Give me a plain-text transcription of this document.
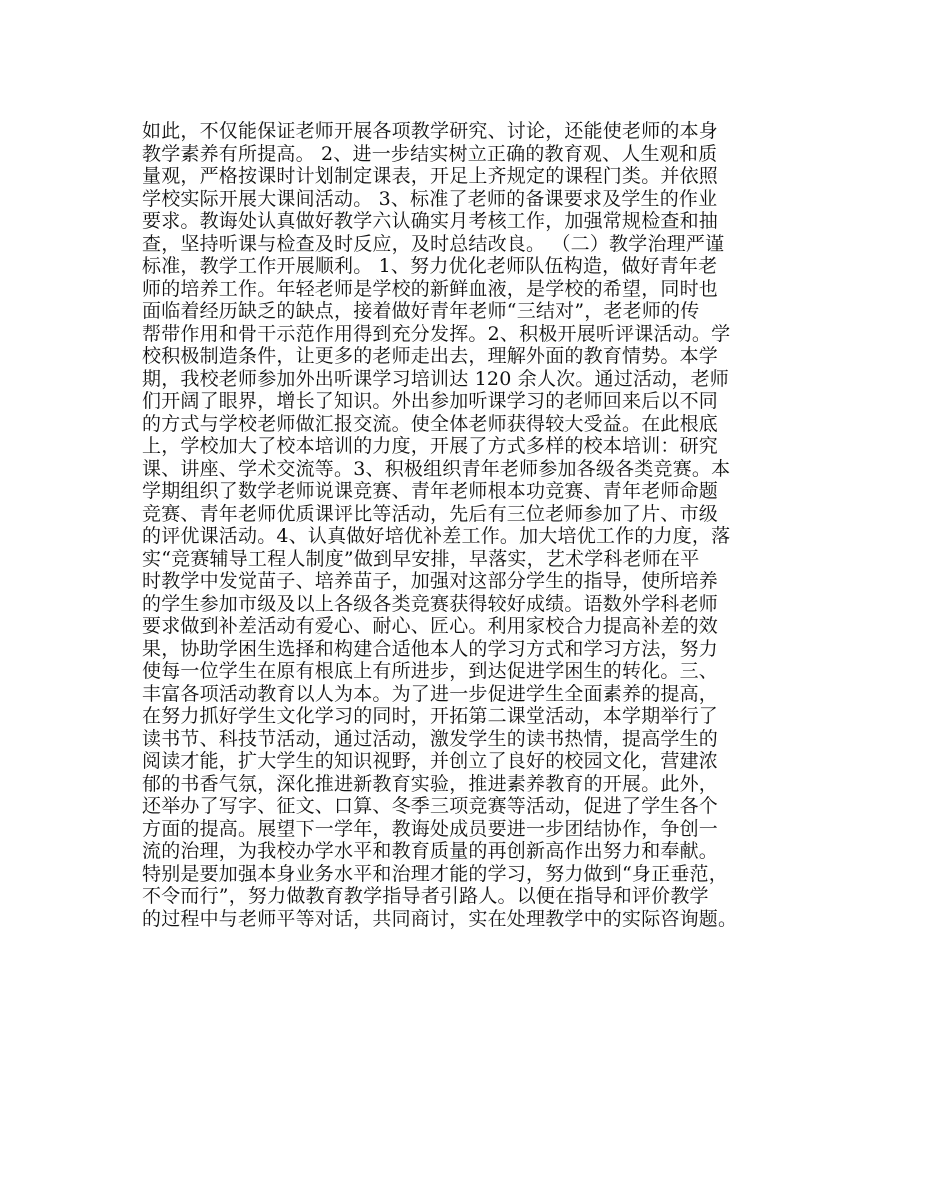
如此，不仅能保证老师开展各项教学研究、讨论，还能使老师的本身
教学素养有所提高。 2、进一步结实树立正确的教育观、人生观和质
量观，严格按课时计划制定课表，开足上齐规定的课程门类。并依照
学校实际开展大课间活动。 3、标准了老师的备课要求及学生的作业
要求。教诲处认真做好教学六认确实月考核工作，加强常规检查和抽
查，坚持听课与检查及时反应，及时总结改良。 （二）教学治理严谨
标准，教学工作开展顺利。 1、努力优化老师队伍构造，做好青年老
师的培养工作。年轻老师是学校的新鲜血液，是学校的希望，同时也
面临着经历缺乏的缺点，接着做好青年老师“三结对”，老老师的传
帮带作用和骨干示范作用得到充分发挥。2、积极开展听评课活动。学
校积极制造条件，让更多的老师走出去，理解外面的教育情势。本学
期，我校老师参加外出听课学习培训达 120 余人次。通过活动，老师
们开阔了眼界，增长了知识。外出参加听课学习的老师回来后以不同
的方式与学校老师做汇报交流。使全体老师获得较大受益。在此根底
上，学校加大了校本培训的力度，开展了方式多样的校本培训：研究
课、讲座、学术交流等。3、积极组织青年老师参加各级各类竞赛。本
学期组织了数学老师说课竞赛、青年老师根本功竞赛、青年老师命题
竞赛、青年老师优质课评比等活动，先后有三位老师参加了片、市级
的评优课活动。4、认真做好培优补差工作。加大培优工作的力度，落
实“竞赛辅导工程人制度”做到早安排，早落实，艺术学科老师在平
时教学中发觉苗子、培养苗子，加强对这部分学生的指导，使所培养
的学生参加市级及以上各级各类竞赛获得较好成绩。语数外学科老师
要求做到补差活动有爱心、耐心、匠心。利用家校合力提高补差的效
果，协助学困生选择和构建合适他本人的学习方式和学习方法，努力
使每一位学生在原有根底上有所进步，到达促进学困生的转化。三、
丰富各项活动教育以人为本。为了进一步促进学生全面素养的提高，
在努力抓好学生文化学习的同时，开拓第二课堂活动，本学期举行了
读书节、科技节活动，通过活动，激发学生的读书热情，提高学生的
阅读才能，扩大学生的知识视野，并创立了良好的校园文化，营建浓
郁的书香气氛，深化推进新教育实验，推进素养教育的开展。此外，
还举办了写字、征文、口算、冬季三项竞赛等活动，促进了学生各个
方面的提高。展望下一学年，教诲处成员要进一步团结协作，争创一
流的治理，为我校办学水平和教育质量的再创新高作出努力和奉献。
特别是要加强本身业务水平和治理才能的学习，努力做到“身正垂范，
不令而行”，努力做教育教学指导者引路人。以便在指导和评价教学
的过程中与老师平等对话，共同商讨，实在处理教学中的实际咨询题。
